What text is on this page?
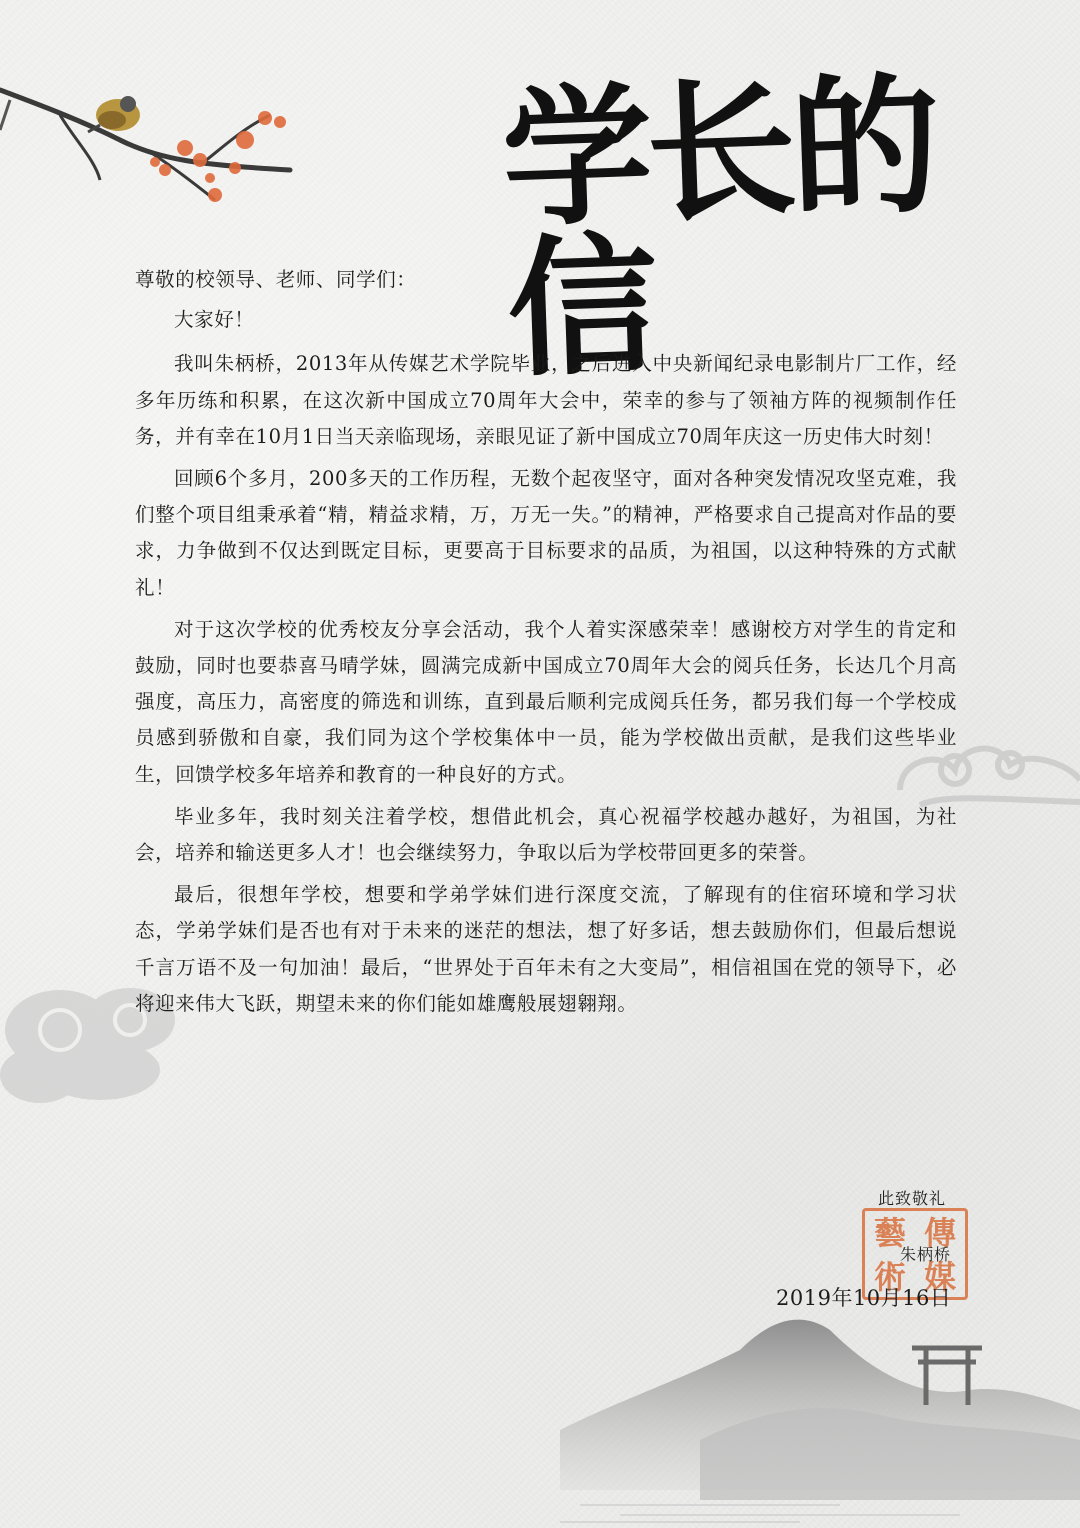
学长的信

尊敬的校领导、老师、同学们：

大家好！

我叫朱柄桥，2013年从传媒艺术学院毕业，之后进入中央新闻纪录电影制片厂工作，经多年历练和积累，在这次新中国成立70周年大会中，荣幸的参与了领袖方阵的视频制作任务，并有幸在10月1日当天亲临现场，亲眼见证了新中国成立70周年庆这一历史伟大时刻！

回顾6个多月，200多天的工作历程，无数个起夜坚守，面对各种突发情况攻坚克难，我们整个项目组秉承着“精，精益求精，万，万无一失。”的精神，严格要求自己提高对作品的要求，力争做到不仅达到既定目标，更要高于目标要求的品质，为祖国，以这种特殊的方式献礼！

对于这次学校的优秀校友分享会活动，我个人着实深感荣幸！感谢校方对学生的肯定和鼓励，同时也要恭喜马晴学妹，圆满完成新中国成立70周年大会的阅兵任务，长达几个月高强度，高压力，高密度的筛选和训练，直到最后顺利完成阅兵任务，都另我们每一个学校成员感到骄傲和自豪，我们同为这个学校集体中一员，能为学校做出贡献，是我们这些毕业生，回馈学校多年培养和教育的一种良好的方式。

毕业多年，我时刻关注着学校，想借此机会，真心祝福学校越办越好，为祖国，为社会，培养和输送更多人才！也会继续努力，争取以后为学校带回更多的荣誉。

最后，很想年学校，想要和学弟学妹们进行深度交流，了解现有的住宿环境和学习状态，学弟学妹们是否也有对于未来的迷茫的想法，想了好多话，想去鼓励你们，但最后想说千言万语不及一句加油！最后，“世界处于百年未有之大变局”，相信祖国在党的领导下，必将迎来伟大飞跃，期望未来的你们能如雄鹰般展翅翱翔。

此致敬礼
藝 傳
術 媒
朱柄桥
2019年10月16日
